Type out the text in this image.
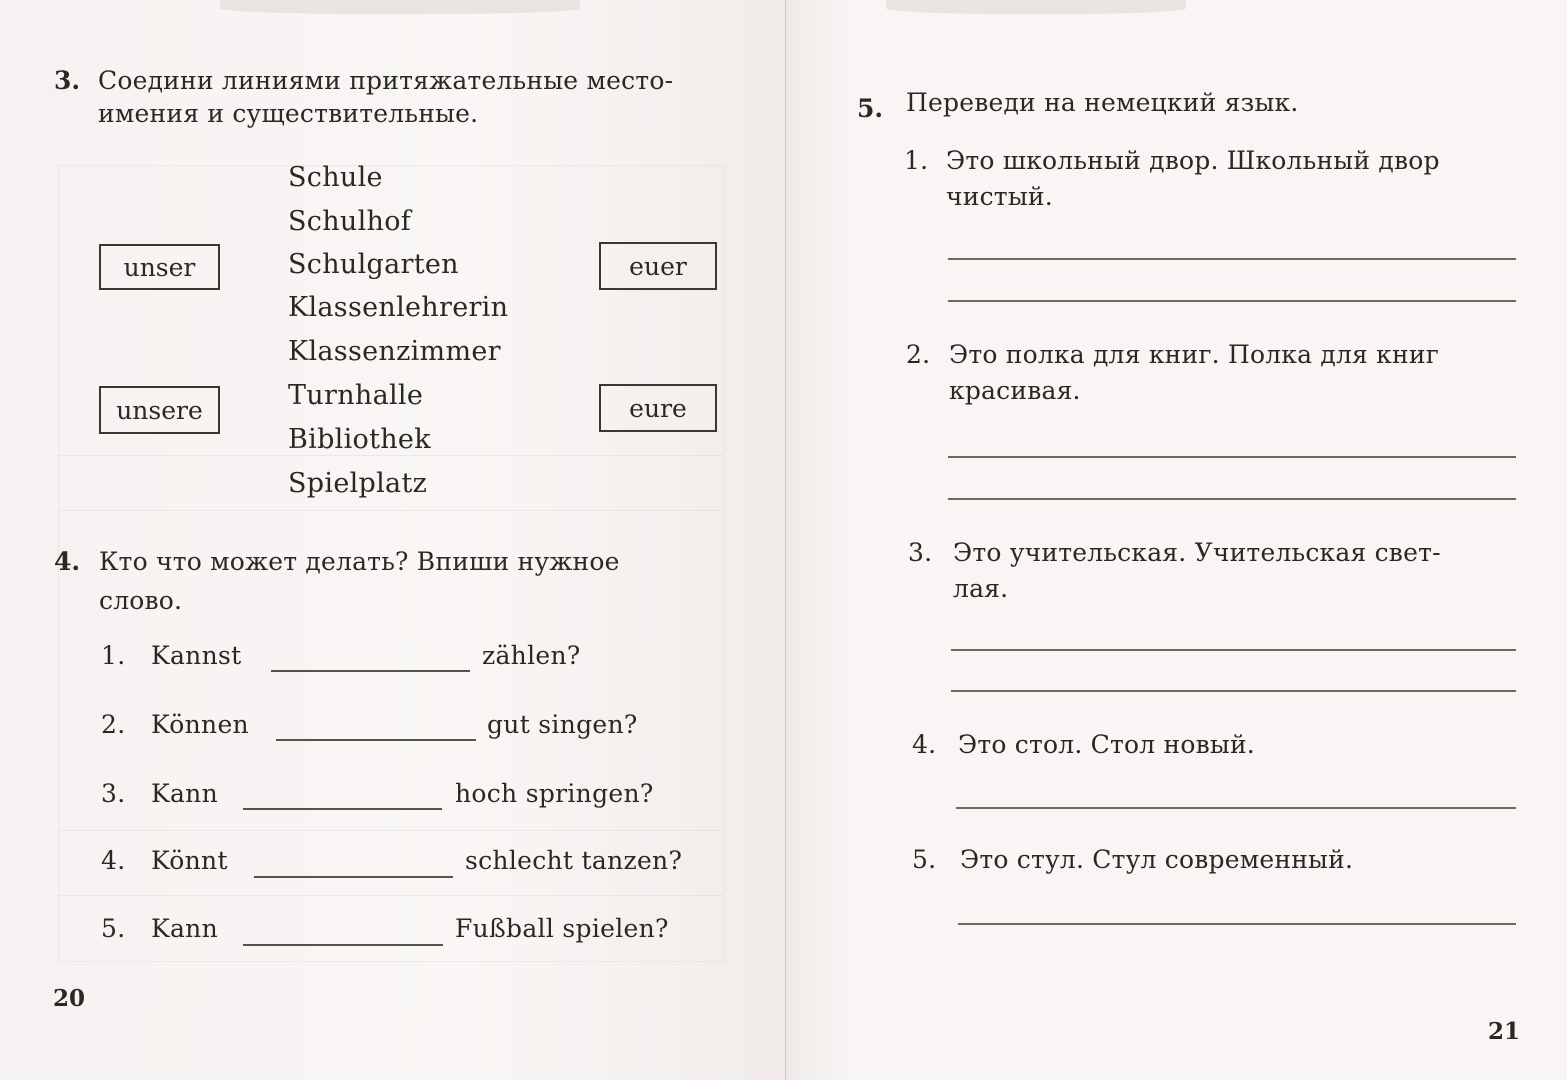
3. Соедини линиями притяжательные место-
имения и существительные.
unser
unsere
euer
eure
Schule
Schulhof
Schulgarten
Klassenlehrerin
Klassenzimmer
Turnhalle
Bibliothek
Spielplatz
4. Кто что может делать? Впиши нужное
слово.
1. Kannst	zählen?
2. Können	gut singen?
3. Kann	hoch springen?
4. Könnt	schlecht tanzen?
5. Kann	Fußball spielen?
20
5. Переведи на немецкий язык.
1. Это школьный двор. Школьный двор
чистый.
2. Это полка для книг. Полка для книг
красивая.
3. Это учительская. Учительская свет-
лая.
4. Это стол. Стол новый.
5. Это стул. Стул современный.
21
